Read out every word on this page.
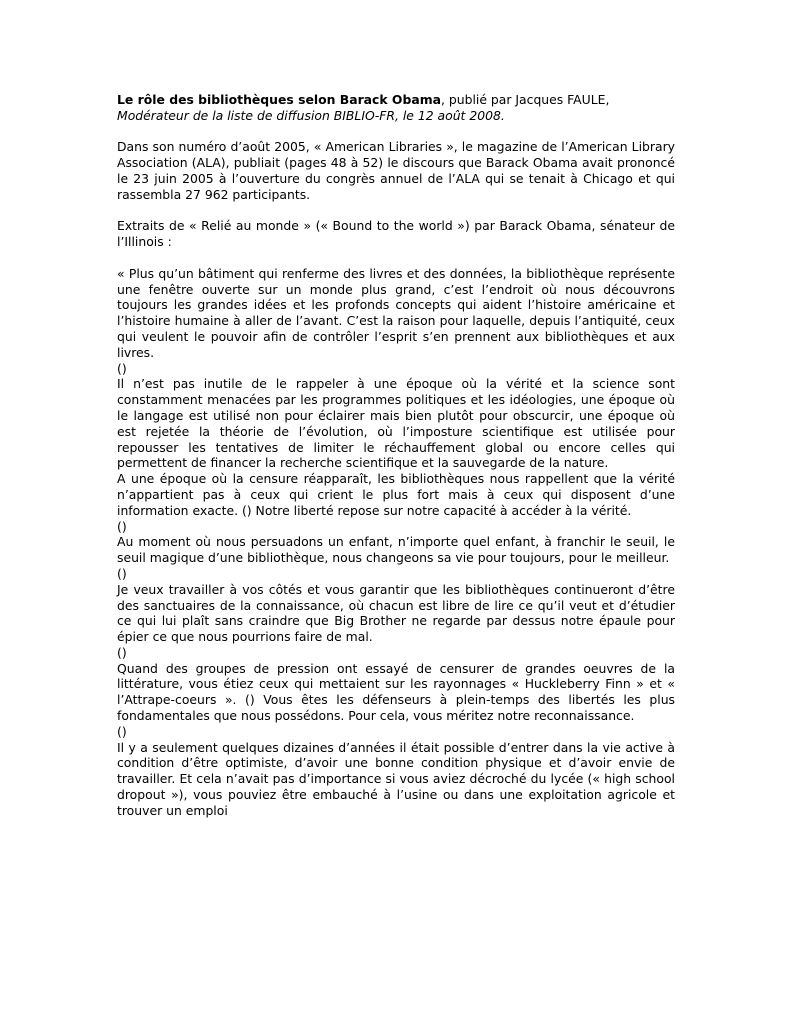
Le rôle des bibliothèques selon Barack Obama, publié par Jacques FAULE,
Modérateur de la liste de diffusion BIBLIO-FR, le 12 août 2008.

Dans son numéro d’août 2005, « American Libraries », le magazine de l’American Library Association (ALA), publiait (pages 48 à 52) le discours que Barack Obama avait prononcé le 23 juin 2005 à l’ouverture du congrès annuel de l’ALA qui se tenait à Chicago et qui rassembla 27 962 participants.

Extraits de « Relié au monde » (« Bound to the world ») par Barack Obama, sénateur de l’Illinois :

« Plus qu’un bâtiment qui renferme des livres et des données, la bibliothèque représente une fenêtre ouverte sur un monde plus grand, c’est l’endroit où nous découvrons toujours les grandes idées et les profonds concepts qui aident l’histoire américaine et l’histoire humaine à aller de l’avant. C’est la raison pour laquelle, depuis l’antiquité, ceux qui veulent le pouvoir afin de contrôler l’esprit s’en prennent aux bibliothèques et aux livres.

()

Il n’est pas inutile de le rappeler à une époque où la vérité et la science sont constamment menacées par les programmes politiques et les idéologies, une époque où le langage est utilisé non pour éclairer mais bien plutôt pour obscurcir, une époque où est rejetée la théorie de l’évolution, où l’imposture scientifique est utilisée pour repousser les tentatives de limiter le réchauffement global ou encore celles qui permettent de financer la recherche scientifique et la sauvegarde de la nature.

A une époque où la censure réapparaît, les bibliothèques nous rappellent que la vérité n’appartient pas à ceux qui crient le plus fort mais à ceux qui disposent d’une information exacte. () Notre liberté repose sur notre capacité à accéder à la vérité.

()

Au moment où nous persuadons un enfant, n’importe quel enfant, à franchir le seuil, le seuil magique d’une bibliothèque, nous changeons sa vie pour toujours, pour le meilleur.

()

Je veux travailler à vos côtés et vous garantir que les bibliothèques continueront d’être des sanctuaires de la connaissance, où chacun est libre de lire ce qu’il veut et d’étudier ce qui lui plaît sans craindre que Big Brother ne regarde par dessus notre épaule pour épier ce que nous pourrions faire de mal.

()

Quand des groupes de pression ont essayé de censurer de grandes oeuvres de la littérature, vous étiez ceux qui mettaient sur les rayonnages « Huckleberry Finn » et « l’Attrape-coeurs ». () Vous êtes les défenseurs à plein-temps des libertés les plus fondamentales que nous possédons. Pour cela, vous méritez notre reconnaissance.

()

Il y a seulement quelques dizaines d’années il était possible d’entrer dans la vie active à condition d’être optimiste, d’avoir une bonne condition physique et d’avoir envie de travailler. Et cela n’avait pas d’importance si vous aviez décroché du lycée (« high school dropout »), vous pouviez être embauché à l’usine ou dans une exploitation agricole et trouver un emploi
